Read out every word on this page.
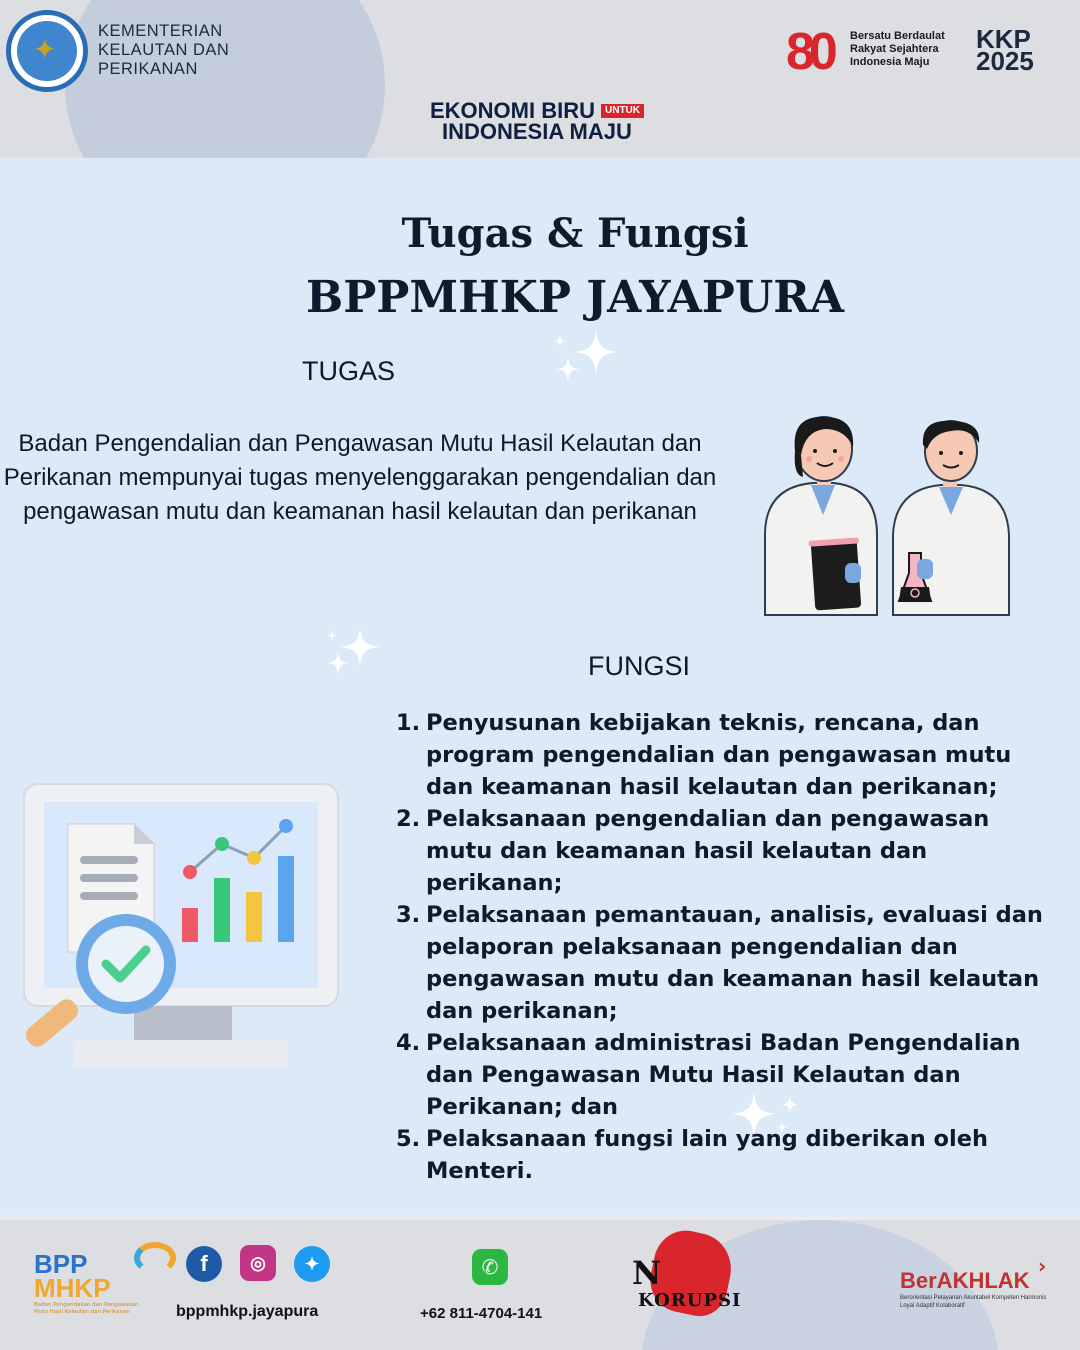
✦
KEMENTERIAN
KELAUTAN DAN
PERIKANAN	80	Bersatu Berdaulat
Rakyat Sejahtera
Indonesia Maju
KKP
2025
EKONOMI BIRU	UNTUK
INDONESIA MAJU
Tugas & Fungsi
BPPMHKP JAYAPURA
TUGAS
Badan Pengendalian dan Pengawasan Mutu Hasil Kelautan dan Perikanan mempunyai tugas menyelenggarakan pengendalian dan pengawasan mutu dan keamanan hasil kelautan dan perikanan
FUNGSI
1. Penyusunan kebijakan teknis, rencana, dan program pengendalian dan pengawasan mutu dan keamanan hasil kelautan dan perikanan;
2. Pelaksanaan pengendalian dan pengawasan mutu dan keamanan hasil kelautan dan perikanan;
3. Pelaksanaan pemantauan, analisis, evaluasi dan pelaporan pelaksanaan pengendalian dan pengawasan mutu dan keamanan hasil kelautan dan perikanan;
4. Pelaksanaan administrasi Badan Pengendalian dan Pengawasan Mutu Hasil Kelautan dan Perikanan; dan
5. Pelaksanaan fungsi lain yang diberikan oleh Menteri.
BPP
MHKP
Badan Pengendalian dan Pengawasan Mutu Hasil Kelautan dan Perikanan
f	◎	✦
bppmhkp.jayapura
✆
+62 811-4704-141
N
KORUPSI
›
BerAKHLAK
Berorientasi Pelayanan Akuntabel Kompeten Harmonis Loyal Adaptif Kolaboratif
